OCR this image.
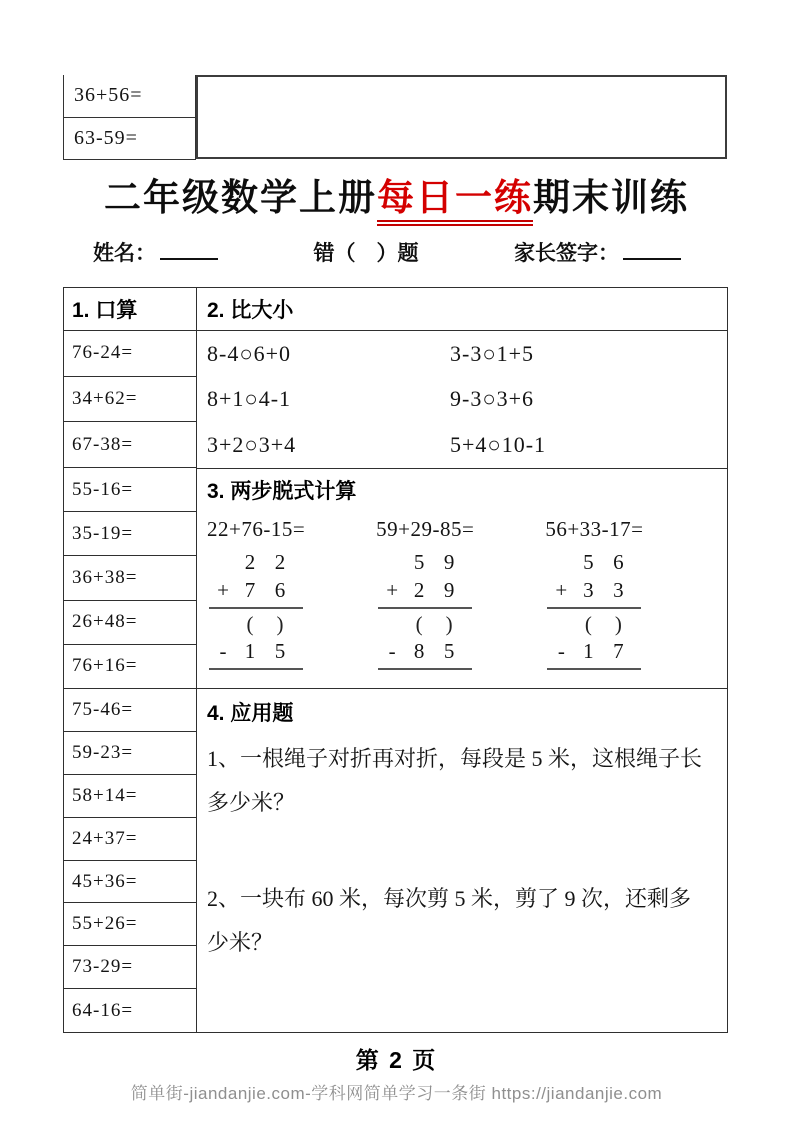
36+56=
63-59=
二年级数学上册每日一练期末训练
姓名：	错（　）题	家长签字：
1. 口算
76-24=
34+62=
67-38=
55-16=
35-19=
36+38=
26+48=
76+16=
75-46=
59-23=
58+14=
24+37=
45+36=
55+26=
73-29=
64-16=
2. 比大小
8-4○6+0	3-3○1+5
8+1○4-1	9-3○3+6
3+2○3+4	5+4○10-1
3. 两步脱式计算
22+76-15=
2 2
+ 7 6
(	)
- 1 5
59+29-85=
5 9
+ 2 9
(	)
- 8 5
56+33-17=
5 6
+ 3 3
(	)
- 1 7
4. 应用题
1、一根绳子对折再对折，每段是 5 米，这根绳子长多少米？
2、一块布 60 米，每次剪 5 米，剪了 9 次，还剩多少米？
第 2 页
简单街-jiandanjie.com-学科网简单学习一条街 https://jiandanjie.com
